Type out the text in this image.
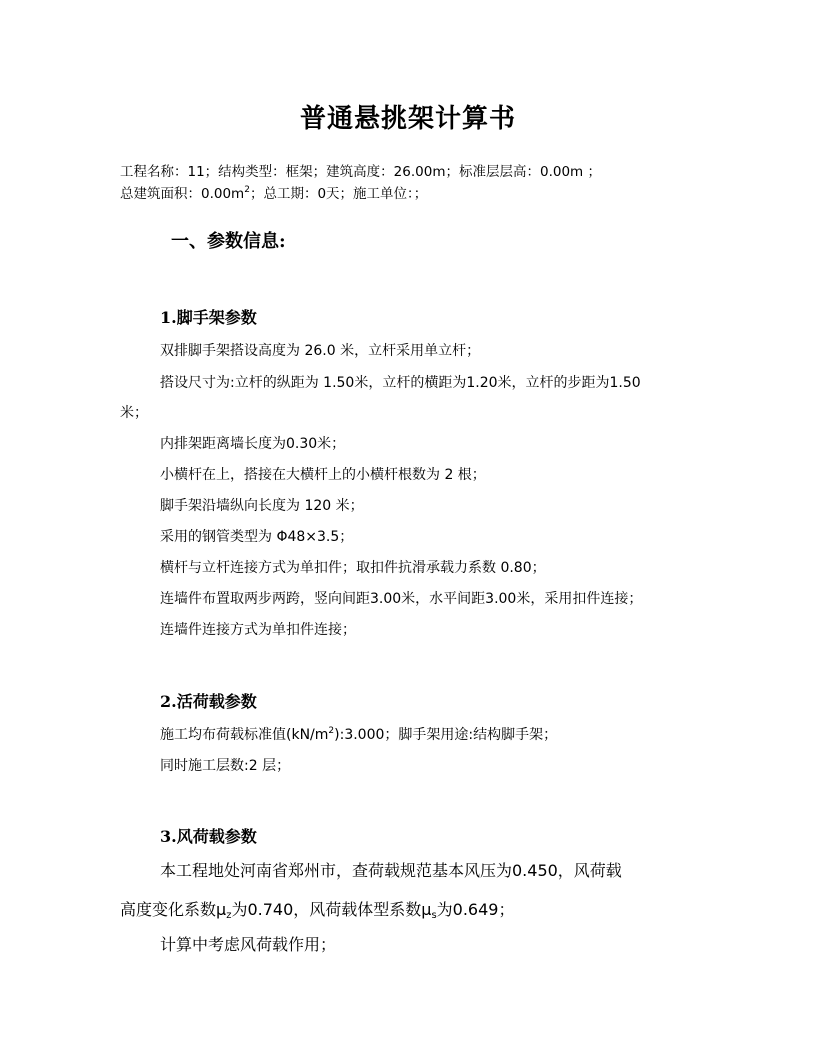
普通悬挑架计算书
工程名称：11；结构类型：框架；建筑高度：26.00m；标准层层高：0.00m ；
总建筑面积：$0.00m^2$；总工期：0天；施工单位：；
一、参数信息:
1.脚手架参数
双排脚手架搭设高度为 26.0 米，立杆采用单立杆；
搭设尺寸为:立杆的纵距为 1.50米，立杆的横距为1.20米，立杆的步距为1.50
米；
内排架距离墙长度为0.30米；
小横杆在上，搭接在大横杆上的小横杆根数为 2 根；
脚手架沿墙纵向长度为 120 米；
采用的钢管类型为 Φ48×3.5；
横杆与立杆连接方式为单扣件；取扣件抗滑承载力系数 0.80；
连墙件布置取两步两跨，竖向间距3.00米，水平间距3.00米，采用扣件连接；
连墙件连接方式为单扣件连接；
2.活荷载参数
施工均布荷载标准值$(kN/m^2):3.000$；脚手架用途:结构脚手架；
同时施工层数:2 层；
3.风荷载参数
本工程地处河南省郑州市，查荷载规范基本风压为0.450，风荷载
高度变化系数$\mu_z$为0.740，风荷载体型系数$\mu_s$为0.649；
计算中考虑风荷载作用；
